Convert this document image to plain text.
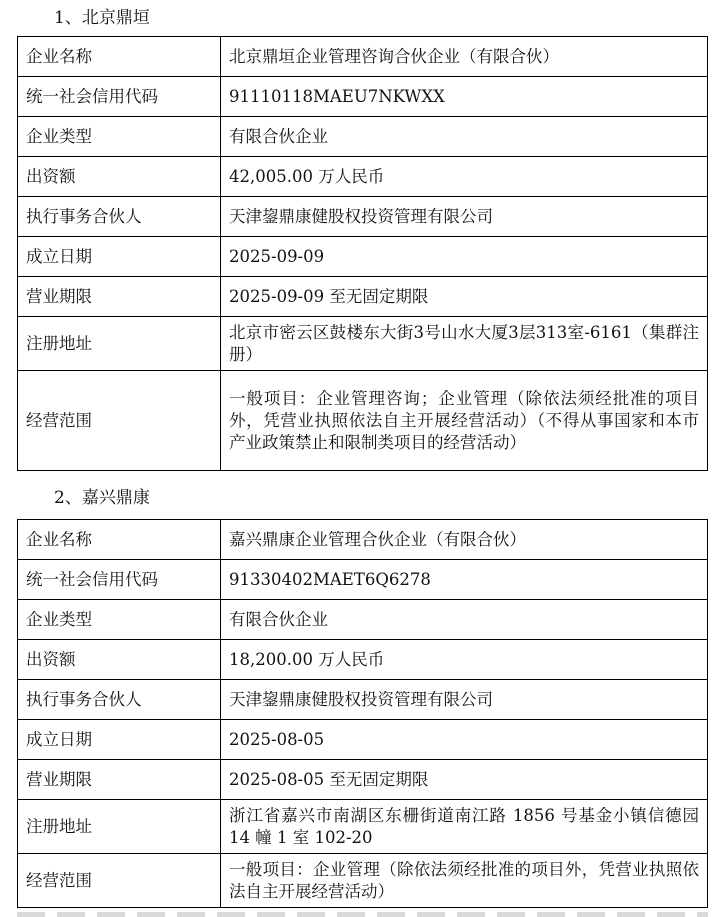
1、北京鼎垣
企业名称	北京鼎垣企业管理咨询合伙企业（有限合伙）
统一社会信用代码	91110118MAEU7NKWXX
企业类型	有限合伙企业
出资额	42,005.00 万人民币
执行事务合伙人	天津鋆鼎康健股权投资管理有限公司
成立日期	2025-09-09
营业期限	2025-09-09 至无固定期限
注册地址	北京市密云区鼓楼东大街3号山水大厦3层313室-6161（集群注册）
经营范围	一般项目：企业管理咨询；企业管理（除依法须经批准的项目外，凭营业执照依法自主开展经营活动）（不得从事国家和本市产业政策禁止和限制类项目的经营活动）
2、嘉兴鼎康
企业名称	嘉兴鼎康企业管理合伙企业（有限合伙）
统一社会信用代码	91330402MAET6Q6278
企业类型	有限合伙企业
出资额	18,200.00 万人民币
执行事务合伙人	天津鋆鼎康健股权投资管理有限公司
成立日期	2025-08-05
营业期限	2025-08-05 至无固定期限
注册地址	浙江省嘉兴市南湖区东栅街道南江路 1856 号基金小镇信德园 14 幢 1 室 102-20
经营范围	一般项目：企业管理（除依法须经批准的项目外，凭营业执照依法自主开展经营活动）
